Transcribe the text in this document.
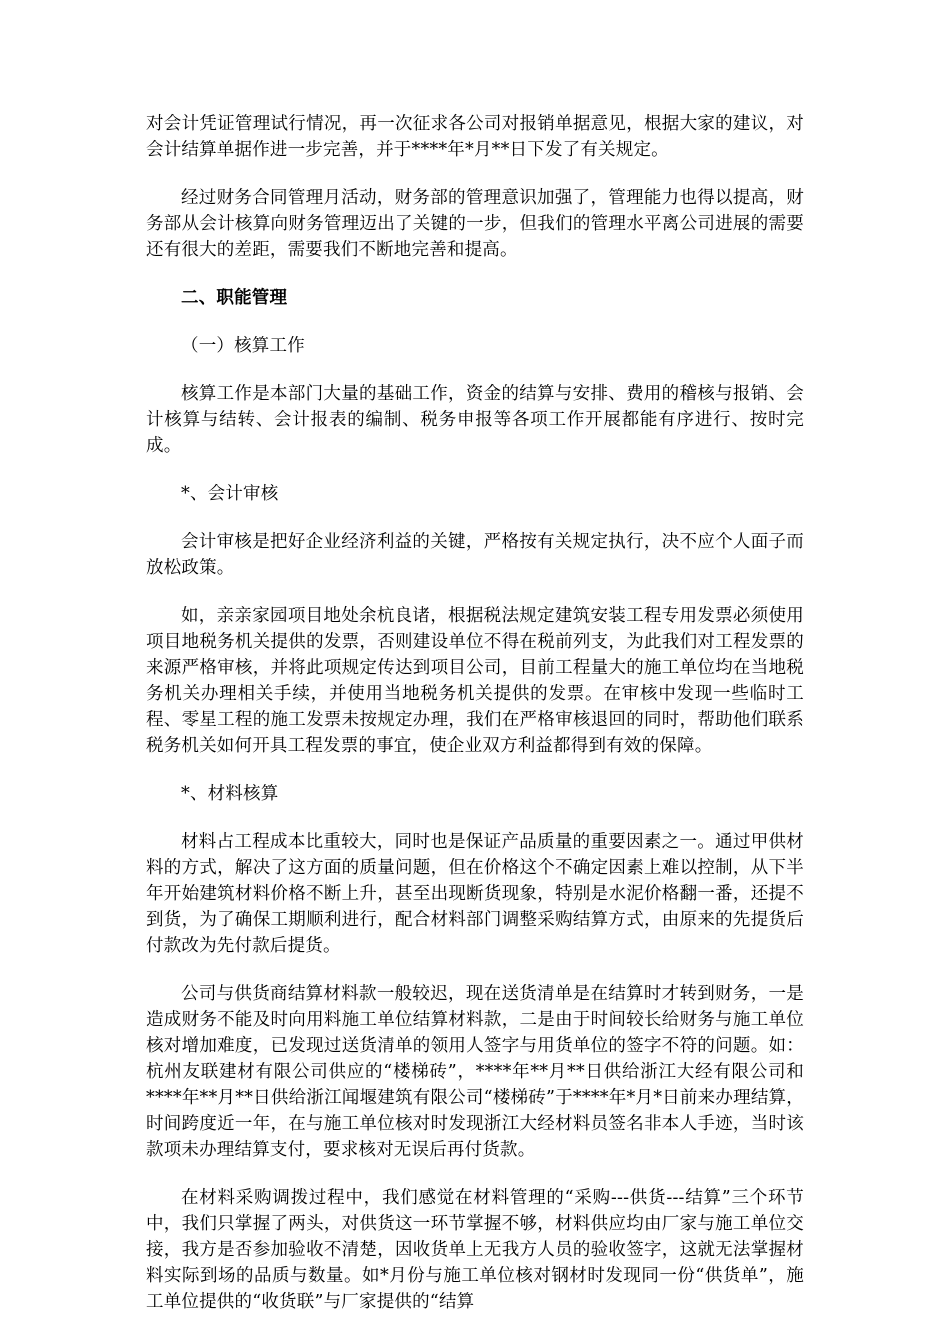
对会计凭证管理试行情况，再一次征求各公司对报销单据意见，根据大家的建议，对会计结算单据作进一步完善，并于****年*月**日下发了有关规定。

经过财务合同管理月活动，财务部的管理意识加强了，管理能力也得以提高，财务部从会计核算向财务管理迈出了关键的一步，但我们的管理水平离公司进展的需要还有很大的差距，需要我们不断地完善和提高。

二、职能管理

（一）核算工作

核算工作是本部门大量的基础工作，资金的结算与安排、费用的稽核与报销、会计核算与结转、会计报表的编制、税务申报等各项工作开展都能有序进行、按时完成。

*、会计审核

会计审核是把好企业经济利益的关键，严格按有关规定执行，决不应个人面子而放松政策。

如，亲亲家园项目地处余杭良诸，根据税法规定建筑安装工程专用发票必须使用项目地税务机关提供的发票，否则建设单位不得在税前列支，为此我们对工程发票的来源严格审核，并将此项规定传达到项目公司，目前工程量大的施工单位均在当地税务机关办理相关手续，并使用当地税务机关提供的发票。在审核中发现一些临时工程、零星工程的施工发票未按规定办理，我们在严格审核退回的同时，帮助他们联系税务机关如何开具工程发票的事宜，使企业双方利益都得到有效的保障。

*、材料核算

材料占工程成本比重较大，同时也是保证产品质量的重要因素之一。通过甲供材料的方式，解决了这方面的质量问题，但在价格这个不确定因素上难以控制，从下半年开始建筑材料价格不断上升，甚至出现断货现象，特别是水泥价格翻一番，还提不到货，为了确保工期顺利进行，配合材料部门调整采购结算方式，由原来的先提货后付款改为先付款后提货。

公司与供货商结算材料款一般较迟，现在送货清单是在结算时才转到财务，一是造成财务不能及时向用料施工单位结算材料款，二是由于时间较长给财务与施工单位核对增加难度，已发现过送货清单的领用人签字与用货单位的签字不符的问题。如：杭州友联建材有限公司供应的“楼梯砖”，****年**月**日供给浙江大经有限公司和****年**月**日供给浙江闻堰建筑有限公司“楼梯砖”于****年*月*日前来办理结算，时间跨度近一年，在与施工单位核对时发现浙江大经材料员签名非本人手迹，当时该款项未办理结算支付，要求核对无误后再付货款。

在材料采购调拨过程中，我们感觉在材料管理的“采购---供货---结算”三个环节中，我们只掌握了两头，对供货这一环节掌握不够，材料供应均由厂家与施工单位交接，我方是否参加验收不清楚，因收货单上无我方人员的验收签字，这就无法掌握材料实际到场的品质与数量。如*月份与施工单位核对钢材时发现同一份“供货单”，施工单位提供的“收货联”与厂家提供的“结算
